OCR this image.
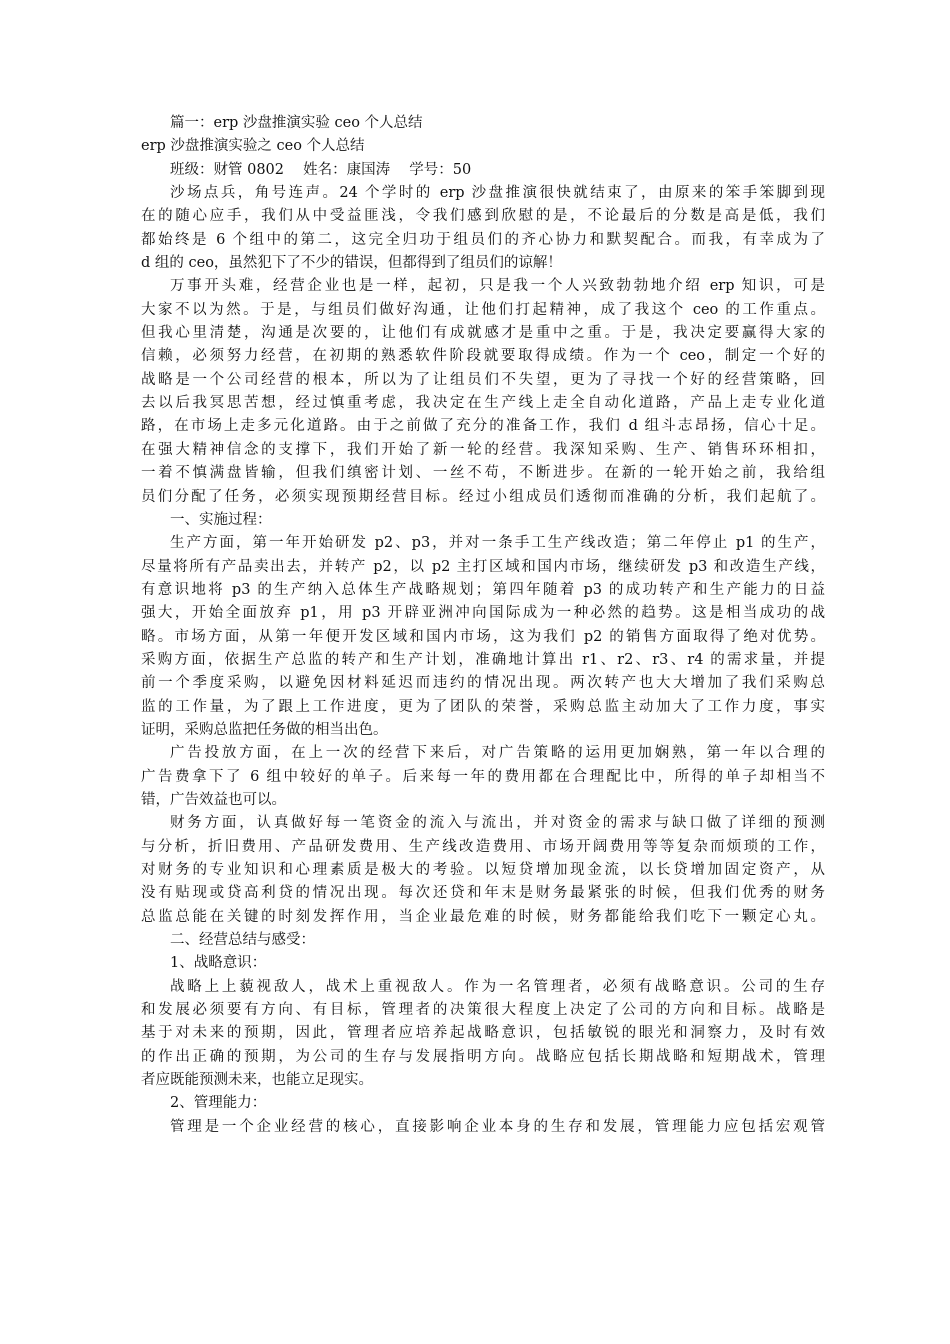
篇一：erp 沙盘推演实验 ceo 个人总结
erp 沙盘推演实验之 ceo 个人总结
班级：财管 0802　 姓名：康国涛　 学号：50
沙场点兵，角号连声。24 个学时的 erp 沙盘推演很快就结束了，由原来的笨手笨脚到现
在的随心应手，我们从中受益匪浅，令我们感到欣慰的是，不论最后的分数是高是低，我们
都始终是 6 个组中的第二，这完全归功于组员们的齐心协力和默契配合。而我，有幸成为了
d 组的 ceo，虽然犯下了不少的错误，但都得到了组员们的谅解！
万事开头难，经营企业也是一样，起初，只是我一个人兴致勃勃地介绍 erp 知识，可是
大家不以为然。于是，与组员们做好沟通，让他们打起精神，成了我这个 ceo 的工作重点。
但我心里清楚，沟通是次要的，让他们有成就感才是重中之重。于是，我决定要赢得大家的
信赖，必须努力经营，在初期的熟悉软件阶段就要取得成绩。作为一个 ceo，制定一个好的
战略是一个公司经营的根本，所以为了让组员们不失望，更为了寻找一个好的经营策略，回
去以后我冥思苦想，经过慎重考虑，我决定在生产线上走全自动化道路，产品上走专业化道
路，在市场上走多元化道路。由于之前做了充分的准备工作，我们 d 组斗志昂扬，信心十足。
在强大精神信念的支撑下，我们开始了新一轮的经营。我深知采购、生产、销售环环相扣，
一着不慎满盘皆输，但我们缜密计划、一丝不苟，不断进步。在新的一轮开始之前，我给组
员们分配了任务，必须实现预期经营目标。经过小组成员们透彻而准确的分析，我们起航了。
一、实施过程：
生产方面，第一年开始研发 p2、p3，并对一条手工生产线改造；第二年停止 p1 的生产，
尽量将所有产品卖出去，并转产 p2，以 p2 主打区域和国内市场，继续研发 p3 和改造生产线，
有意识地将 p3 的生产纳入总体生产战略规划；第四年随着 p3 的成功转产和生产能力的日益
强大，开始全面放弃 p1，用 p3 开辟亚洲冲向国际成为一种必然的趋势。这是相当成功的战
略。市场方面，从第一年便开发区域和国内市场，这为我们 p2 的销售方面取得了绝对优势。
采购方面，依据生产总监的转产和生产计划，准确地计算出 r1、r2、r3、r4 的需求量，并提
前一个季度采购，以避免因材料延迟而违约的情况出现。两次转产也大大增加了我们采购总
监的工作量，为了跟上工作进度，更为了团队的荣誉，采购总监主动加大了工作力度，事实
证明，采购总监把任务做的相当出色。
广告投放方面，在上一次的经营下来后，对广告策略的运用更加娴熟，第一年以合理的
广告费拿下了 6 组中较好的单子。后来每一年的费用都在合理配比中，所得的单子却相当不
错，广告效益也可以。
财务方面，认真做好每一笔资金的流入与流出，并对资金的需求与缺口做了详细的预测
与分析，折旧费用、产品研发费用、生产线改造费用、市场开阔费用等等复杂而烦琐的工作，
对财务的专业知识和心理素质是极大的考验。以短贷增加现金流，以长贷增加固定资产，从
没有贴现或贷高利贷的情况出现。每次还贷和年末是财务最紧张的时候，但我们优秀的财务
总监总能在关键的时刻发挥作用，当企业最危难的时候，财务都能给我们吃下一颗定心丸。
二、经营总结与感受：
1、战略意识：
战略上上藐视敌人，战术上重视敌人。作为一名管理者，必须有战略意识。公司的生存
和发展必须要有方向、有目标，管理者的决策很大程度上决定了公司的方向和目标。战略是
基于对未来的预期，因此，管理者应培养起战略意识，包括敏锐的眼光和洞察力，及时有效
的作出正确的预期，为公司的生存与发展指明方向。战略应包括长期战略和短期战术，管理
者应既能预测未来，也能立足现实。
2、管理能力：
管理是一个企业经营的核心，直接影响企业本身的生存和发展，管理能力应包括宏观管
